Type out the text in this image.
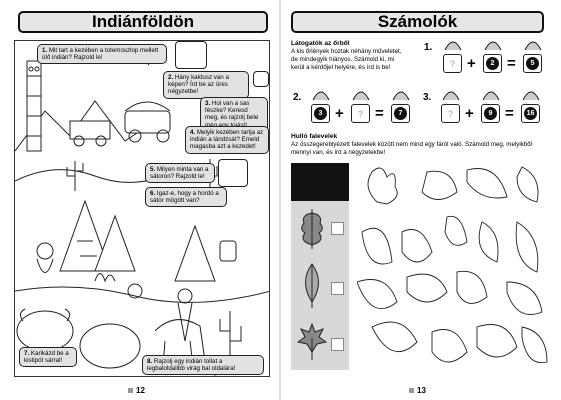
Indiánföldön
1. Mit tart a kezében a totemoszlop mellett ülő indián? Rajzold le!
2. Hány kaktusz van a képen? Írd be az üres négyzetbe!
3. Hol van a sas fészke? Keresd meg, és rajzolj bele
4. Melyik kezében tartja az indián a lándzsát? Emeld magasba azt a kezedet!
5. Milyen minta van a sátoron? Rajzold le!
6. Igaz-e, hogy a hordó a sátor mögött van?
7. Karikázd be a kistipót sárral!	8. Rajzolj egy indián tollat a legbaloldalibb virág bal oldalára!
12
Számolók
Látogatók az őrből
A kis őrlények hoztak néhány műveletet, de mindegyik hiányos. Számold ki, mi kerül a kérdőjel helyére, és írd is be!
1.
? +	2 =	5
2.
3 + ? =	7
3.
? +	9 =	16
Hulló falevelek
Az összegereblyézett falevelek között nem mind egy fáról való. Számold meg, melyikből mennyi van, és írd a négyzetekbe!
13
